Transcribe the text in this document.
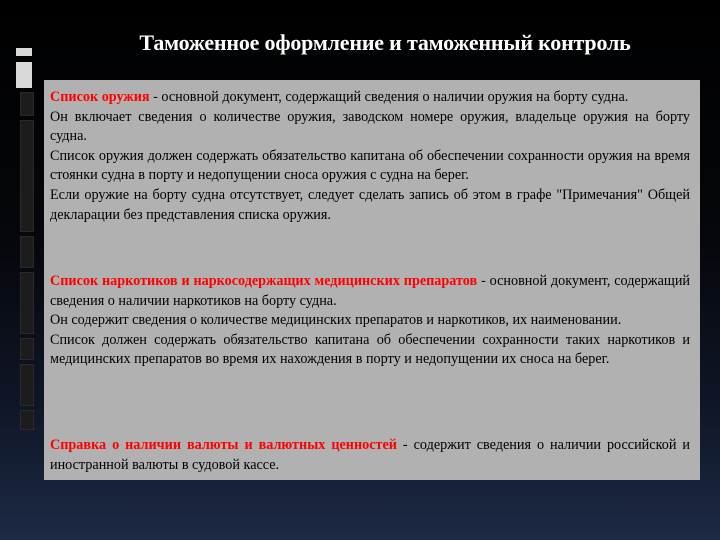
Таможенное оформление и таможенный контроль

Список оружия - основной документ, содержащий сведения о наличии оружия на борту судна.

Он включает сведения о количестве оружия, заводском номере оружия, владельце оружия на борту судна.

Список оружия должен содержать обязательство капитана об обеспечении сохранности оружия на время стоянки судна в порту и недопущении сноса оружия с судна на берег.

Если оружие на борту судна отсутствует, следует сделать запись об этом в графе "Примечания" Общей декларации без представления списка оружия.

Список наркотиков и наркосодержащих медицинских препаратов - основной документ, содержащий сведения о наличии наркотиков на борту судна.

Он содержит сведения о количестве медицинских препаратов и наркотиков, их наименовании.

Список должен содержать обязательство капитана об обеспечении сохранности таких наркотиков и медицинских препаратов во время их нахождения в порту и недопущении их сноса на берег.

Справка о наличии валюты и валютных ценностей - содержит сведения о наличии российской и иностранной валюты в судовой кассе.
